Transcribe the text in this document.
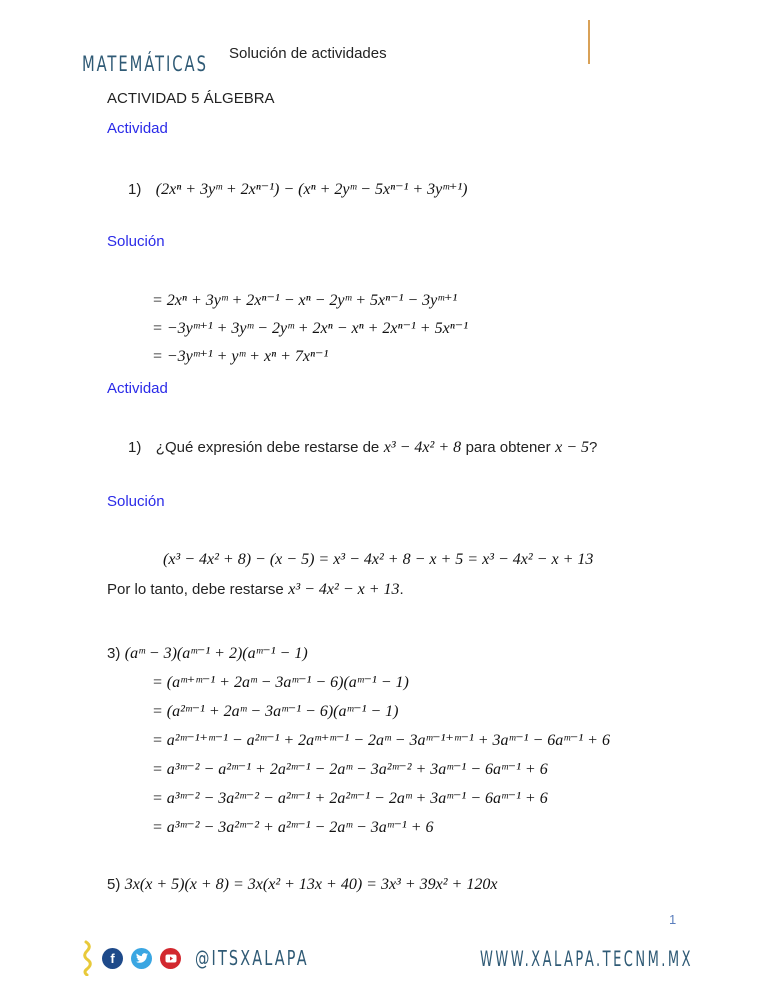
MATEMÁTICAS Solución de actividades
ACTIVIDAD 5 ÁLGEBRA
Actividad
1) (2xⁿ + 3yᵐ + 2xⁿ⁻¹) − (xⁿ + 2yᵐ − 5xⁿ⁻¹ + 3yᵐ⁺¹)
Solución
= 2xⁿ + 3yᵐ + 2xⁿ⁻¹ − xⁿ − 2yᵐ + 5xⁿ⁻¹ − 3yᵐ⁺¹
= −3yᵐ⁺¹ + 3yᵐ − 2yᵐ + 2xⁿ − xⁿ + 2xⁿ⁻¹ + 5xⁿ⁻¹
= −3yᵐ⁺¹ + yᵐ + xⁿ + 7xⁿ⁻¹
Actividad
1) ¿Qué expresión debe restarse de x³ − 4x² + 8 para obtener x − 5?
Solución
(x³ − 4x² + 8) − (x − 5) = x³ − 4x² + 8 − x + 5 = x³ − 4x² − x + 13
Por lo tanto, debe restarse x³ − 4x² − x + 13.
3) (aᵐ − 3)(aᵐ⁻¹ + 2)(aᵐ⁻¹ − 1)
= (aᵐ⁺ᵐ⁻¹ + 2aᵐ − 3aᵐ⁻¹ − 6)(aᵐ⁻¹ − 1)
= (a²ᵐ⁻¹ + 2aᵐ − 3aᵐ⁻¹ − 6)(aᵐ⁻¹ − 1)
= a²ᵐ⁻¹⁺ᵐ⁻¹ − a²ᵐ⁻¹ + 2aᵐ⁺ᵐ⁻¹ − 2aᵐ − 3aᵐ⁻¹⁺ᵐ⁻¹ + 3aᵐ⁻¹ − 6aᵐ⁻¹ + 6
= a³ᵐ⁻² − a²ᵐ⁻¹ + 2a²ᵐ⁻¹ − 2aᵐ − 3a²ᵐ⁻² + 3aᵐ⁻¹ − 6aᵐ⁻¹ + 6
= a³ᵐ⁻² − 3a²ᵐ⁻² − a²ᵐ⁻¹ + 2a²ᵐ⁻¹ − 2aᵐ + 3aᵐ⁻¹ − 6aᵐ⁻¹ + 6
= a³ᵐ⁻² − 3a²ᵐ⁻² + a²ᵐ⁻¹ − 2aᵐ − 3aᵐ⁻¹ + 6
5) 3x(x + 5)(x + 8) = 3x(x² + 13x + 40) = 3x³ + 39x² + 120x
1
f	@ITSXALAPA	WWW.XALAPA.TECNM.MX
